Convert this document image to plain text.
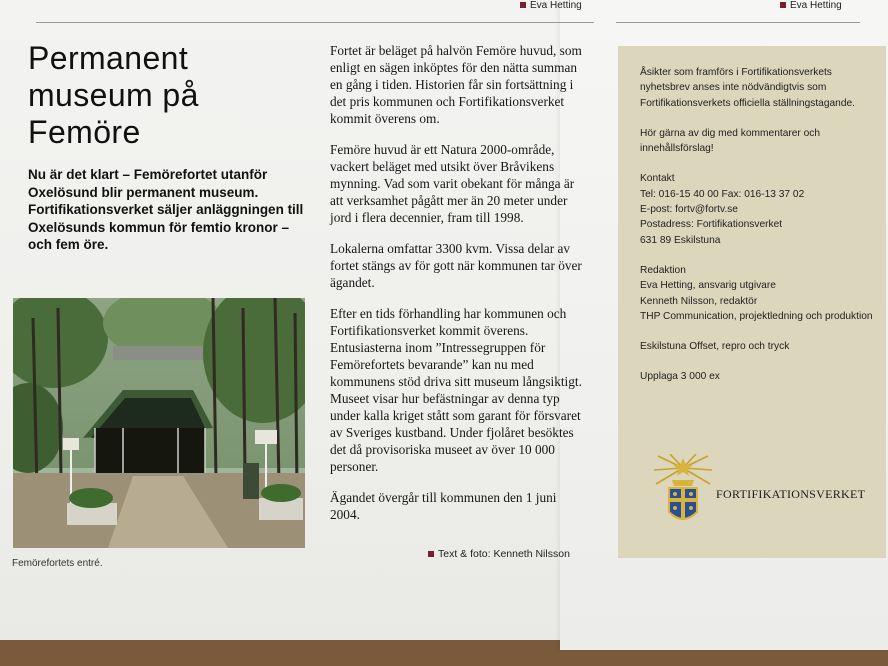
Eva Hetting	Eva Hetting
Permanent
museum på
Femöre
Nu är det klart – Femörefortet utanför Oxelösund blir permanent museum. Fortifikationsverket säljer anläggningen till Oxelösunds kommun för femtio kronor – och fem öre.
Femörefortets entré.

Fortet är beläget på halvön Femöre huvud, som enligt en sägen inköptes för den nätta summan en gång i tiden. Historien får sin fortsättning i det pris kommunen och Fortifikationsverket kommit överens om.

Femöre huvud är ett Natura 2000-område, vackert beläget med utsikt över Bråvikens mynning. Vad som varit obekant för många är att verksamhet pågått mer än 20 meter under jord i flera decennier, fram till 1998.

Lokalerna omfattar 3300 kvm. Vissa delar av fortet stängs av för gott när kommunen tar över ägandet.

Efter en tids förhandling har kommunen och Fortifikationsverket kommit överens. Entusiasterna inom ”Intressegruppen för Femörefortets bevarande” kan nu med kommunens stöd driva sitt museum långsiktigt. Museet visar hur befästningar av denna typ under kalla kriget stått som garant för försvaret av Sveriges kustband. Under fjolåret besöktes det då provisoriska museet av över 10 000 personer.

Ägandet övergår till kommunen den 1 juni 2004.

Text & foto: Kenneth Nilsson

Åsikter som framförs i Fortifikationsverkets nyhetsbrev anses inte nödvändigtvis som Fortifikationsverkets officiella ställningstagande.

Hör gärna av dig med kommentarer och innehållsförslag!

Kontakt
Tel: 016-15 40 00 Fax: 016-13 37 02
E-post: fortv@fortv.se
Postadress: Fortifikationsverket
631 89 Eskilstuna

Redaktion
Eva Hetting, ansvarig utgivare
Kenneth Nilsson, redaktör
THP Communication, projektledning och produktion

Eskilstuna Offset, repro och tryck

Upplaga 3 000 ex

FORTIFIKATIONSVERKET
